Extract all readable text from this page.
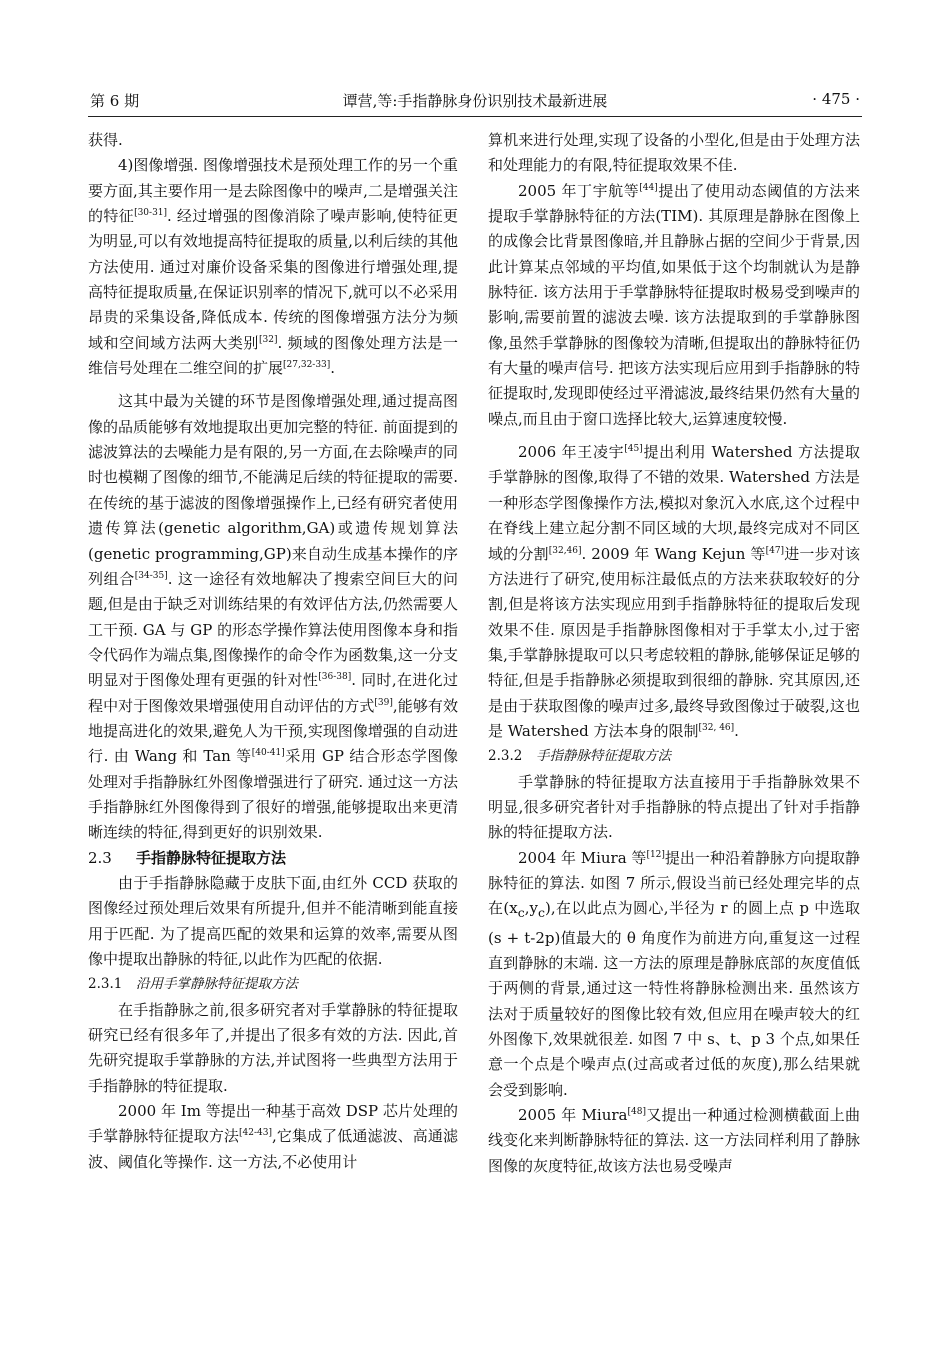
第 6 期	谭营,等:手指静脉身份识别技术最新进展	· 475 ·

获得.

4)图像增强. 图像增强技术是预处理工作的另一个重要方面,其主要作用一是去除图像中的噪声,二是增强关注的特征[30-31]. 经过增强的图像消除了噪声影响,使特征更为明显,可以有效地提高特征提取的质量,以利后续的其他方法使用. 通过对廉价设备采集的图像进行增强处理,提高特征提取质量,在保证识别率的情况下,就可以不必采用昂贵的采集设备,降低成本. 传统的图像增强方法分为频域和空间域方法两大类别[32]. 频域的图像处理方法是一维信号处理在二维空间的扩展[27,32-33].

这其中最为关键的环节是图像增强处理,通过提高图像的品质能够有效地提取出更加完整的特征. 前面提到的滤波算法的去噪能力是有限的,另一方面,在去除噪声的同时也模糊了图像的细节,不能满足后续的特征提取的需要. 在传统的基于滤波的图像增强操作上,已经有研究者使用遗传算法(genetic algorithm,GA)或遗传规划算法(genetic programming,GP)来自动生成基本操作的序列组合[34-35]. 这一途径有效地解决了搜索空间巨大的问题,但是由于缺乏对训练结果的有效评估方法,仍然需要人工干预. GA 与 GP 的形态学操作算法使用图像本身和指令代码作为端点集,图像操作的命令作为函数集,这一分支明显对于图像处理有更强的针对性[36-38]. 同时,在进化过程中对于图像效果增强使用自动评估的方式[39],能够有效地提高进化的效果,避免人为干预,实现图像增强的自动进行. 由 Wang 和 Tan 等[40-41]采用 GP 结合形态学图像处理对手指静脉红外图像增强进行了研究. 通过这一方法手指静脉红外图像得到了很好的增强,能够提取出来更清晰连续的特征,得到更好的识别效果.

2.3 手指静脉特征提取方法

由于手指静脉隐藏于皮肤下面,由红外 CCD 获取的图像经过预处理后效果有所提升,但并不能清晰到能直接用于匹配. 为了提高匹配的效果和运算的效率,需要从图像中提取出静脉的特征,以此作为匹配的依据.

2.3.1 沿用手掌静脉特征提取方法

在手指静脉之前,很多研究者对手掌静脉的特征提取研究已经有很多年了,并提出了很多有效的方法. 因此,首先研究提取手掌静脉的方法,并试图将一些典型方法用于手指静脉的特征提取.

2000 年 Im 等提出一种基于高效 DSP 芯片处理的手掌静脉特征提取方法[42-43],它集成了低通滤波、高通滤波、阈值化等操作. 这一方法,不必使用计

算机来进行处理,实现了设备的小型化,但是由于处理方法和处理能力的有限,特征提取效果不佳.

2005 年丁宇航等[44]提出了使用动态阈值的方法来提取手掌静脉特征的方法(TIM). 其原理是静脉在图像上的成像会比背景图像暗,并且静脉占据的空间少于背景,因此计算某点邻域的平均值,如果低于这个均制就认为是静脉特征. 该方法用于手掌静脉特征提取时极易受到噪声的影响,需要前置的滤波去噪. 该方法提取到的手掌静脉图像,虽然手掌静脉的图像较为清晰,但提取出的静脉特征仍有大量的噪声信号. 把该方法实现后应用到手指静脉的特征提取时,发现即使经过平滑滤波,最终结果仍然有大量的噪点,而且由于窗口选择比较大,运算速度较慢.

2006 年王凌宇[45]提出利用 Watershed 方法提取手掌静脉的图像,取得了不错的效果. Watershed 方法是一种形态学图像操作方法,模拟对象沉入水底,这个过程中在脊线上建立起分割不同区域的大坝,最终完成对不同区域的分割[32,46]. 2009 年 Wang Kejun 等[47]进一步对该方法进行了研究,使用标注最低点的方法来获取较好的分割,但是将该方法实现应用到手指静脉特征的提取后发现效果不佳. 原因是手指静脉图像相对于手掌太小,过于密集,手掌静脉提取可以只考虑较粗的静脉,能够保证足够的特征,但是手指静脉必须提取到很细的静脉. 究其原因,还是由于获取图像的噪声过多,最终导致图像过于破裂,这也是 Watershed 方法本身的限制[32, 46].

2.3.2 手指静脉特征提取方法

手掌静脉的特征提取方法直接用于手指静脉效果不明显,很多研究者针对手指静脉的特点提出了针对手指静脉的特征提取方法.

2004 年 Miura 等[12]提出一种沿着静脉方向提取静脉特征的算法. 如图 7 所示,假设当前已经处理完毕的点在$(x_c,y_c)$,在以此点为圆心,半径为 r 的圆上点 p 中选取(s + t-2p)值最大的 θ 角度作为前进方向,重复这一过程直到静脉的末端. 这一方法的原理是静脉底部的灰度值低于两侧的背景,通过这一特性将静脉检测出来. 虽然该方法对于质量较好的图像比较有效,但应用在噪声较大的红外图像下,效果就很差. 如图 7 中 s、t、p 3 个点,如果任意一个点是个噪声点(过高或者过低的灰度),那么结果就会受到影响.

2005 年 Miura[48]又提出一种通过检测横截面上曲线变化来判断静脉特征的算法. 这一方法同样利用了静脉图像的灰度特征,故该方法也易受噪声
